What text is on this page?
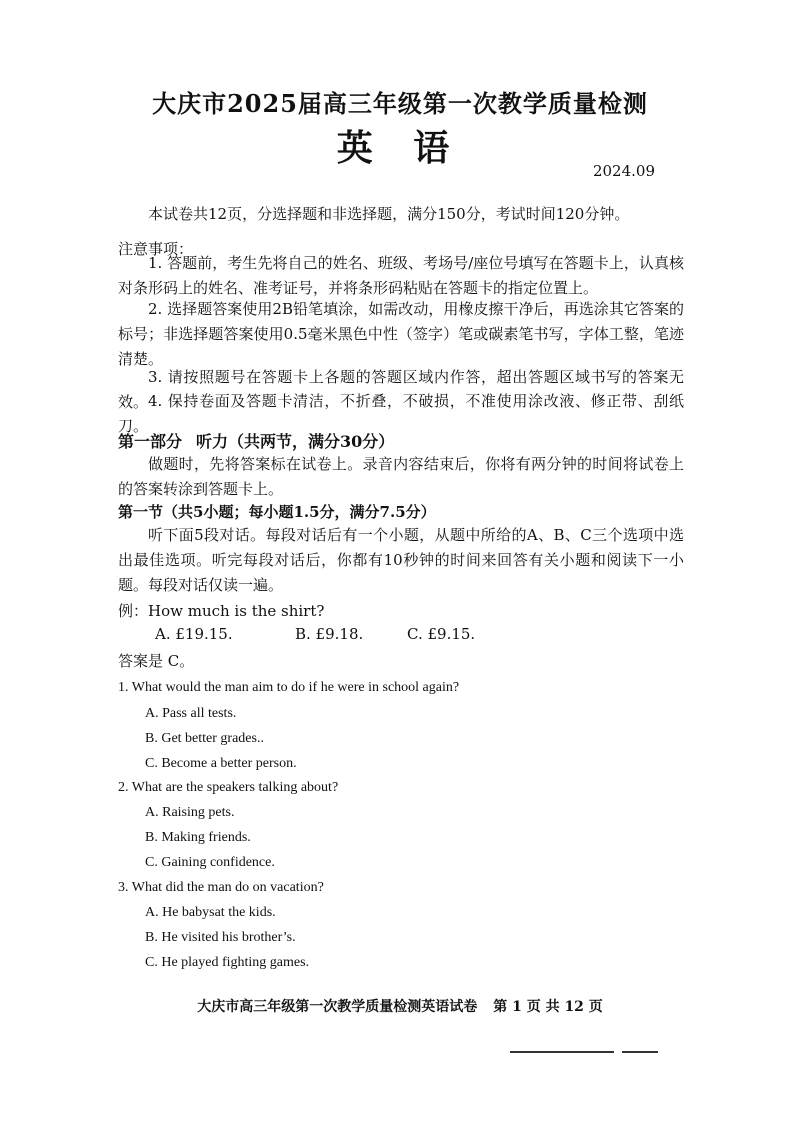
大庆市2025届高三年级第一次教学质量检测
英 语
2024.09
本试卷共12页，分选择题和非选择题，满分150分，考试时间120分钟。
注意事项：
1. 答题前，考生先将自己的姓名、班级、考场号/座位号填写在答题卡上，认真核对条形码上的姓名、准考证号，并将条形码粘贴在答题卡的指定位置上。
2. 选择题答案使用2B铅笔填涂，如需改动，用橡皮擦干净后，再选涂其它答案的标号；非选择题答案使用0.5毫米黑色中性（签字）笔或碳素笔书写，字体工整，笔迹清楚。
3. 请按照题号在答题卡上各题的答题区域内作答，超出答题区域书写的答案无效。 4. 保持卷面及答题卡清洁，不折叠，不破损，不准使用涂改液、修正带、刮纸刀。
第一部分 听力（共两节，满分30分）
做题时，先将答案标在试卷上。录音内容结束后，你将有两分钟的时间将试卷上的答案转涂到答题卡上。
第一节（共5小题；每小题1.5分，满分7.5分）
听下面5段对话。每段对话后有一个小题，从题中所给的A、B、C三个选项中选出最佳选项。听完每段对话后，你都有10秒钟的时间来回答有关小题和阅读下一小题。每段对话仅读一遍。
例：How much is the shirt?
A. £19.15.	B. £9.18.	C. £9.15.
答案是 C。
1. What would the man aim to do if he were in school again?
A. Pass all tests.
B. Get better grades..
C. Become a better person.
2. What are the speakers talking about?
A. Raising pets.
B. Making friends.
C. Gaining confidence.
3. What did the man do on vacation?
A. He babysat the kids.
B. He visited his brother’s.
C. He played fighting games.
大庆市高三年级第一次教学质量检测英语试卷 第 1 页 共 12 页
